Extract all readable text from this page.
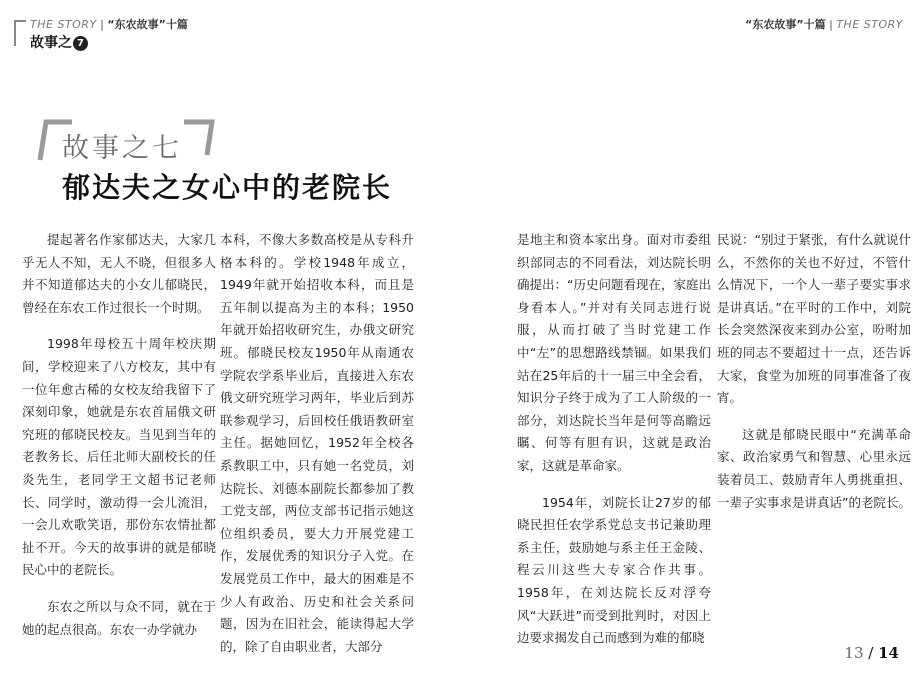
THE STORY | “东农故事”十篇
故事之 7
“东农故事”十篇 | THE STORY
故事之七
郁达夫之女心中的老院长

提起著名作家郁达夫，大家几乎无人不知，无人不晓，但很多人并不知道郁达夫的小女儿郁晓民，曾经在东农工作过很长一个时期。

1998年母校五十周年校庆期间，学校迎来了八方校友，其中有一位年愈古稀的女校友给我留下了深刻印象，她就是东农首届俄文研究班的郁晓民校友。当见到当年的老教务长、后任北师大副校长的任炎先生，老同学王文超书记老师长、同学时，激动得一会儿流泪，一会儿欢歌笑语，那份东农情扯都扯不开。今天的故事讲的就是郁晓民心中的老院长。

东农之所以与众不同，就在于她的起点很高。东农一办学就办

本科，不像大多数高校是从专科升格本科的。学校1948年成立，1949年就开始招收本科，而且是五年制以提高为主的本科；1950年就开始招收研究生，办俄文研究班。郁晓民校友1950年从南通农学院农学系毕业后，直接进入东农俄文研究班学习两年，毕业后到苏联参观学习，后回校任俄语教研室主任。据她回忆，1952年全校各系教职工中，只有她一名党员，刘达院长、刘德本副院长都参加了教工党支部，两位支部书记指示她这位组织委员，要大力开展党建工作，发展优秀的知识分子入党。在发展党员工作中，最大的困难是不少人有政治、历史和社会关系问题，因为在旧社会，能读得起大学的，除了自由职业者，大部分

是地主和资本家出身。面对市委组织部同志的不同看法，刘达院长明确提出：“历史问题看现在，家庭出身看本人。”并对有关同志进行说服，从而打破了当时党建工作中“左”的思想路线禁锢。如果我们站在25年后的十一届三中全会看，知识分子终于成为了工人阶级的一部分，刘达院长当年是何等高瞻远瞩、何等有胆有识，这就是政治家，这就是革命家。

1954年，刘院长让27岁的郁晓民担任农学系党总支书记兼助理系主任，鼓励她与系主任王金陵、程云川这些大专家合作共事。1958年，在刘达院长反对浮夸风“大跃进”而受到批判时，对因上边要求揭发自己而感到为难的郁晓

民说：“别过于紧张，有什么就说什么，不然你的关也不好过，不管什么情况下，一个人一辈子要实事求是讲真话。”在平时的工作中，刘院长会突然深夜来到办公室，吩咐加班的同志不要超过十一点，还告诉大家，食堂为加班的同事准备了夜宵。

这就是郁晓民眼中“充满革命家、政治家勇气和智慧、心里永远装着员工、鼓励青年人勇挑重担、一辈子实事求是讲真话”的老院长。

13 / 14
